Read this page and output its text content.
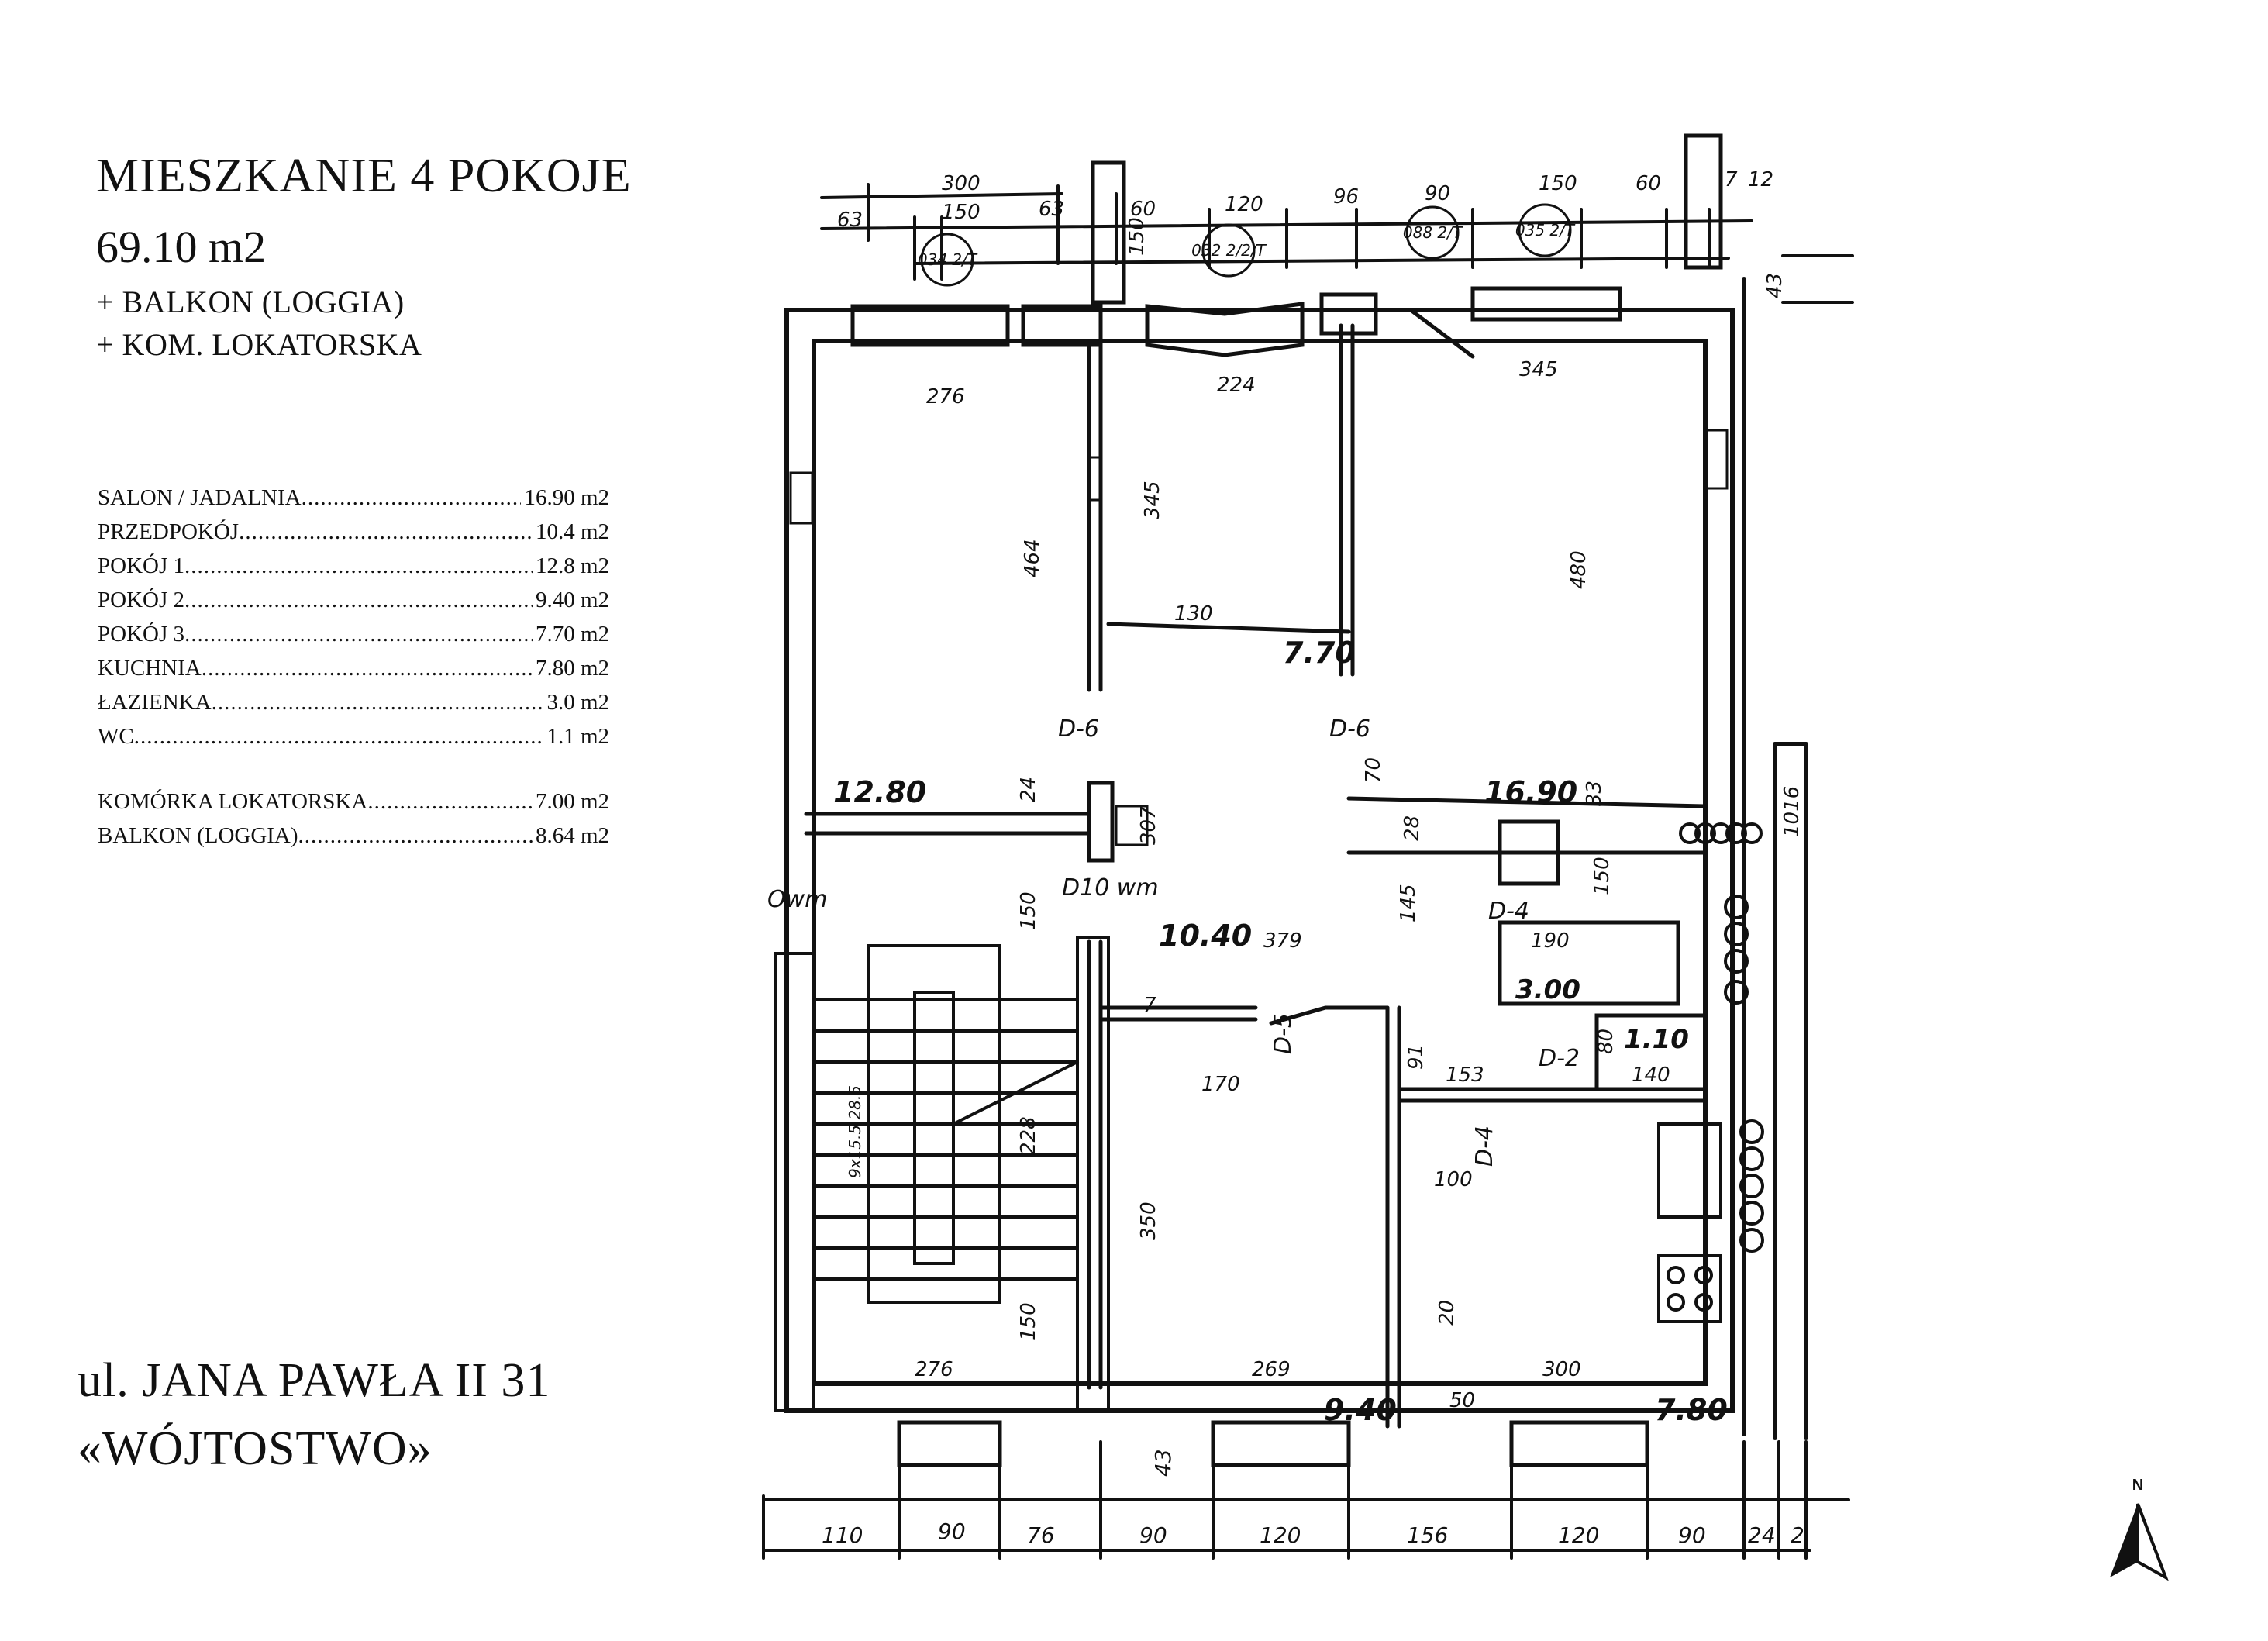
MIESZKANIE 4 POKOJE
69.10 m2
+ BALKON (LOGGIA)
+ KOM. LOKATORSKA
SALON / JADALNIA .....	16.90 m2
PRZEDPOKÓJ .....	10.4 m2
POKÓJ 1 .....	12.8 m2
POKÓJ 2 .....	9.40 m2
POKÓJ 3 .....	7.70 m2
KUCHNIA .....	7.80 m2
ŁAZIENKA .....	3.0 m2
WC .....	1.1 m2
KOMÓRKA LOKATORSKA .....	7.00 m2
BALKON (LOGGIA) .....	8.64 m2
ul. JANA PAWŁA II 31
«WÓJTOSTWO»
12.80
7.70
16.90
10.40
3.00
1.10
9.40	7.80
300
63	150	63	60
150
120	96	90	150	60	7 12
43
034 2/T	032 2/2/T
088 2/T	035 2/T
276	224
345
464
345
480
130
24
307
70
33
28
150
145
190
150
379
228
170	153	140
91
80
100
350
150
276	269	300
20
50
1016
7
D-6	D-6
D-4
D-5
D-2
D-4
Owm	D10 wm
9x15.5 28.5
110	90	76	90	120	156	120	90 24 2
43
N
